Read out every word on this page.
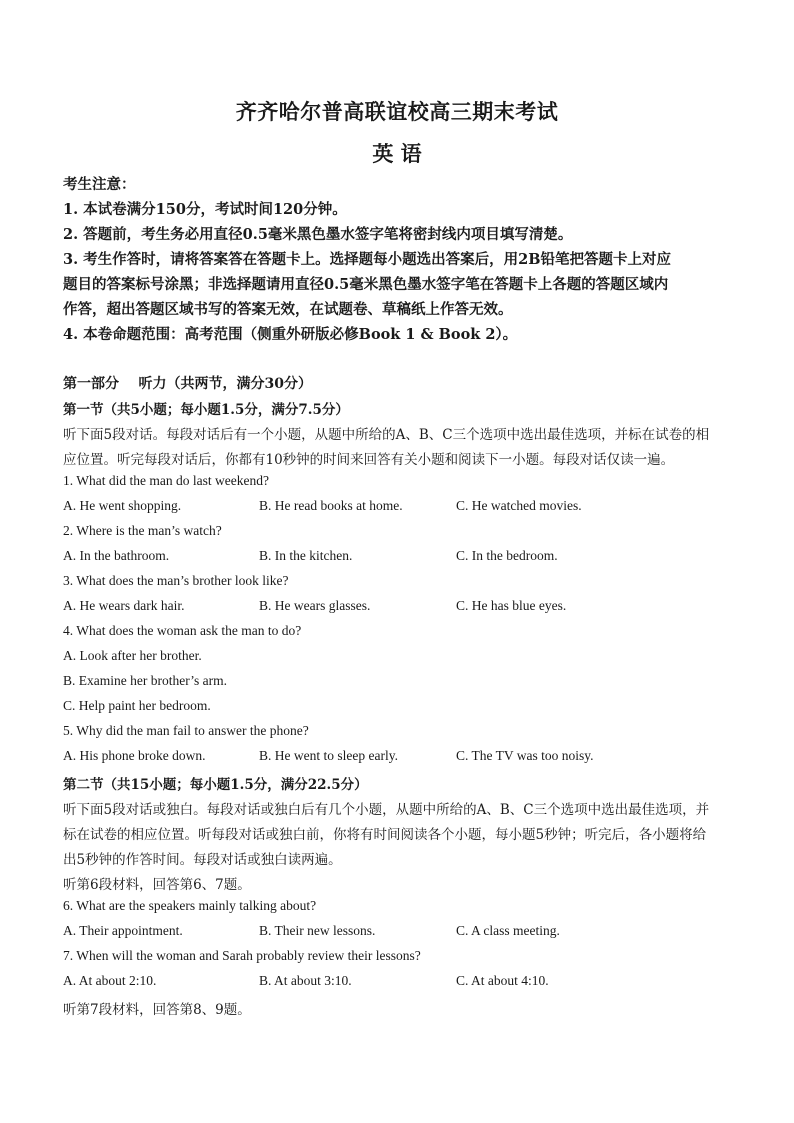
齐齐哈尔普高联谊校高三期末考试
英 语
考生注意：
1. 本试卷满分150分，考试时间120分钟。
2. 答题前，考生务必用直径0.5毫米黑色墨水签字笔将密封线内项目填写清楚。
3. 考生作答时，请将答案答在答题卡上。选择题每小题选出答案后，用2B铅笔把答题卡上对应
题目的答案标号涂黑；非选择题请用直径0.5毫米黑色墨水签字笔在答题卡上各题的答题区域内
作答，超出答题区域书写的答案无效，在试题卷、草稿纸上作答无效。
4. 本卷命题范围：高考范围（侧重外研版必修Book 1 & Book 2）。
第一部分    听力（共两节，满分30分）
第一节（共5小题；每小题1.5分，满分7.5分）
听下面5段对话。每段对话后有一个小题，从题中所给的A、B、C三个选项中选出最佳选项，并标在试卷的相
应位置。听完每段对话后，你都有10秒钟的时间来回答有关小题和阅读下一小题。每段对话仅读一遍。
1. What did the man do last weekend?
A. He went shopping.	B. He read books at home.	C. He watched movies.
2. Where is the man’s watch?
A. In the bathroom.	B. In the kitchen.	C. In the bedroom.
3. What does the man’s brother look like?
A. He wears dark hair.	B. He wears glasses.	C. He has blue eyes.
4. What does the woman ask the man to do?
A. Look after her brother.
B. Examine her brother’s arm.
C. Help paint her bedroom.
5. Why did the man fail to answer the phone?
A. His phone broke down.	B. He went to sleep early.	C. The TV was too noisy.
第二节（共15小题；每小题1.5分，满分22.5分）
听下面5段对话或独白。每段对话或独白后有几个小题，从题中所给的A、B、C三个选项中选出最佳选项，并
标在试卷的相应位置。听每段对话或独白前，你将有时间阅读各个小题，每小题5秒钟；听完后，各小题将给
出5秒钟的作答时间。每段对话或独白读两遍。
听第6段材料，回答第6、7题。
6. What are the speakers mainly talking about?
A. Their appointment.	B. Their new lessons.	C. A class meeting.
7. When will the woman and Sarah probably review their lessons?
A. At about 2:10.	B. At about 3:10.	C. At about 4:10.
听第7段材料，回答第8、9题。
